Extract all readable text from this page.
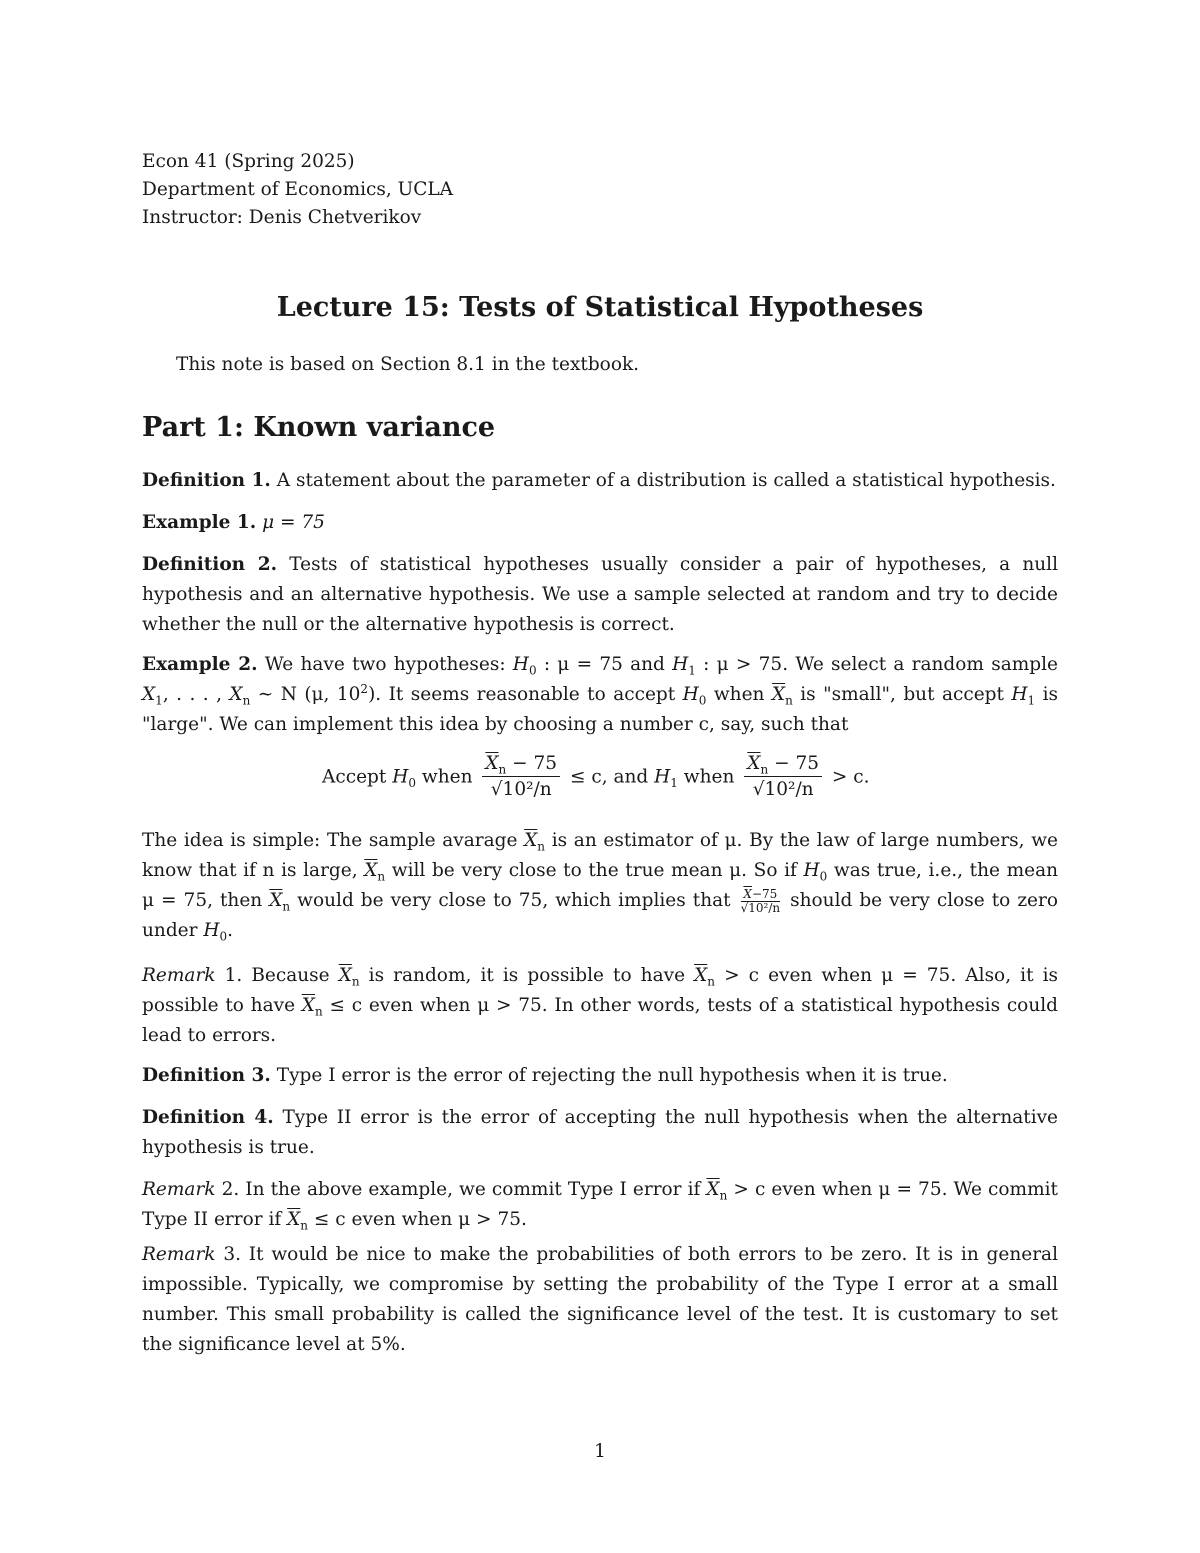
Econ 41 (Spring 2025)
Department of Economics, UCLA
Instructor: Denis Chetverikov
Lecture 15: Tests of Statistical Hypotheses
This note is based on Section 8.1 in the textbook.
Part 1: Known variance
Definition 1. A statement about the parameter of a distribution is called a statistical hypothesis.
Example 1. μ = 75
Definition 2. Tests of statistical hypotheses usually consider a pair of hypotheses, a null hypothesis and an alternative hypothesis. We use a sample selected at random and try to decide whether the null or the alternative hypothesis is correct.
Example 2. We have two hypotheses: $H_0$ : μ = 75 and $H_1$ : μ > 75. We select a random sample $X_1$, . . . , $X_n$ ∼ N (μ, $10^2$). It seems reasonable to accept $H_0$ when $\overline{X}_n$ is "small", but accept $H_1$ is "large". We can implement this idea by choosing a number c, say, such that
Accept $H_0$ when $\frac{\overline{X}_n - 75}{\text{√10²/n}} \le c$, and $H_1$ when $\frac{\overline{X}_n - 75}{\text{√10²/n}} > c$.
The idea is simple: The sample avarage $\overline{X}_n$ is an estimator of μ. By the law of large numbers, we know that if n is large, $\overline{X}_n$ will be very close to the true mean μ. So if $H_0$ was true, i.e., the mean μ = 75, then $\overline{X}_n$ would be very close to 75, which implies that $\frac{\overline{X}-75}{\text{√10²/n}}$ should be very close to zero under $H_0$.
Remark 1. Because $\overline{X}_n$ is random, it is possible to have $\overline{X}_n > c$ even when μ = 75. Also, it is possible to have $\overline{X}_n \le c$ even when μ > 75. In other words, tests of a statistical hypothesis could lead to errors.
Definition 3. Type I error is the error of rejecting the null hypothesis when it is true.
Definition 4. Type II error is the error of accepting the null hypothesis when the alternative hypothesis is true.
Remark 2. In the above example, we commit Type I error if $\overline{X}_n > c$ even when μ = 75. We commit Type II error if $\overline{X}_n \le c$ even when μ > 75.
Remark 3. It would be nice to make the probabilities of both errors to be zero. It is in general impossible. Typically, we compromise by setting the probability of the Type I error at a small number. This small probability is called the significance level of the test. It is customary to set the significance level at 5%.
1
